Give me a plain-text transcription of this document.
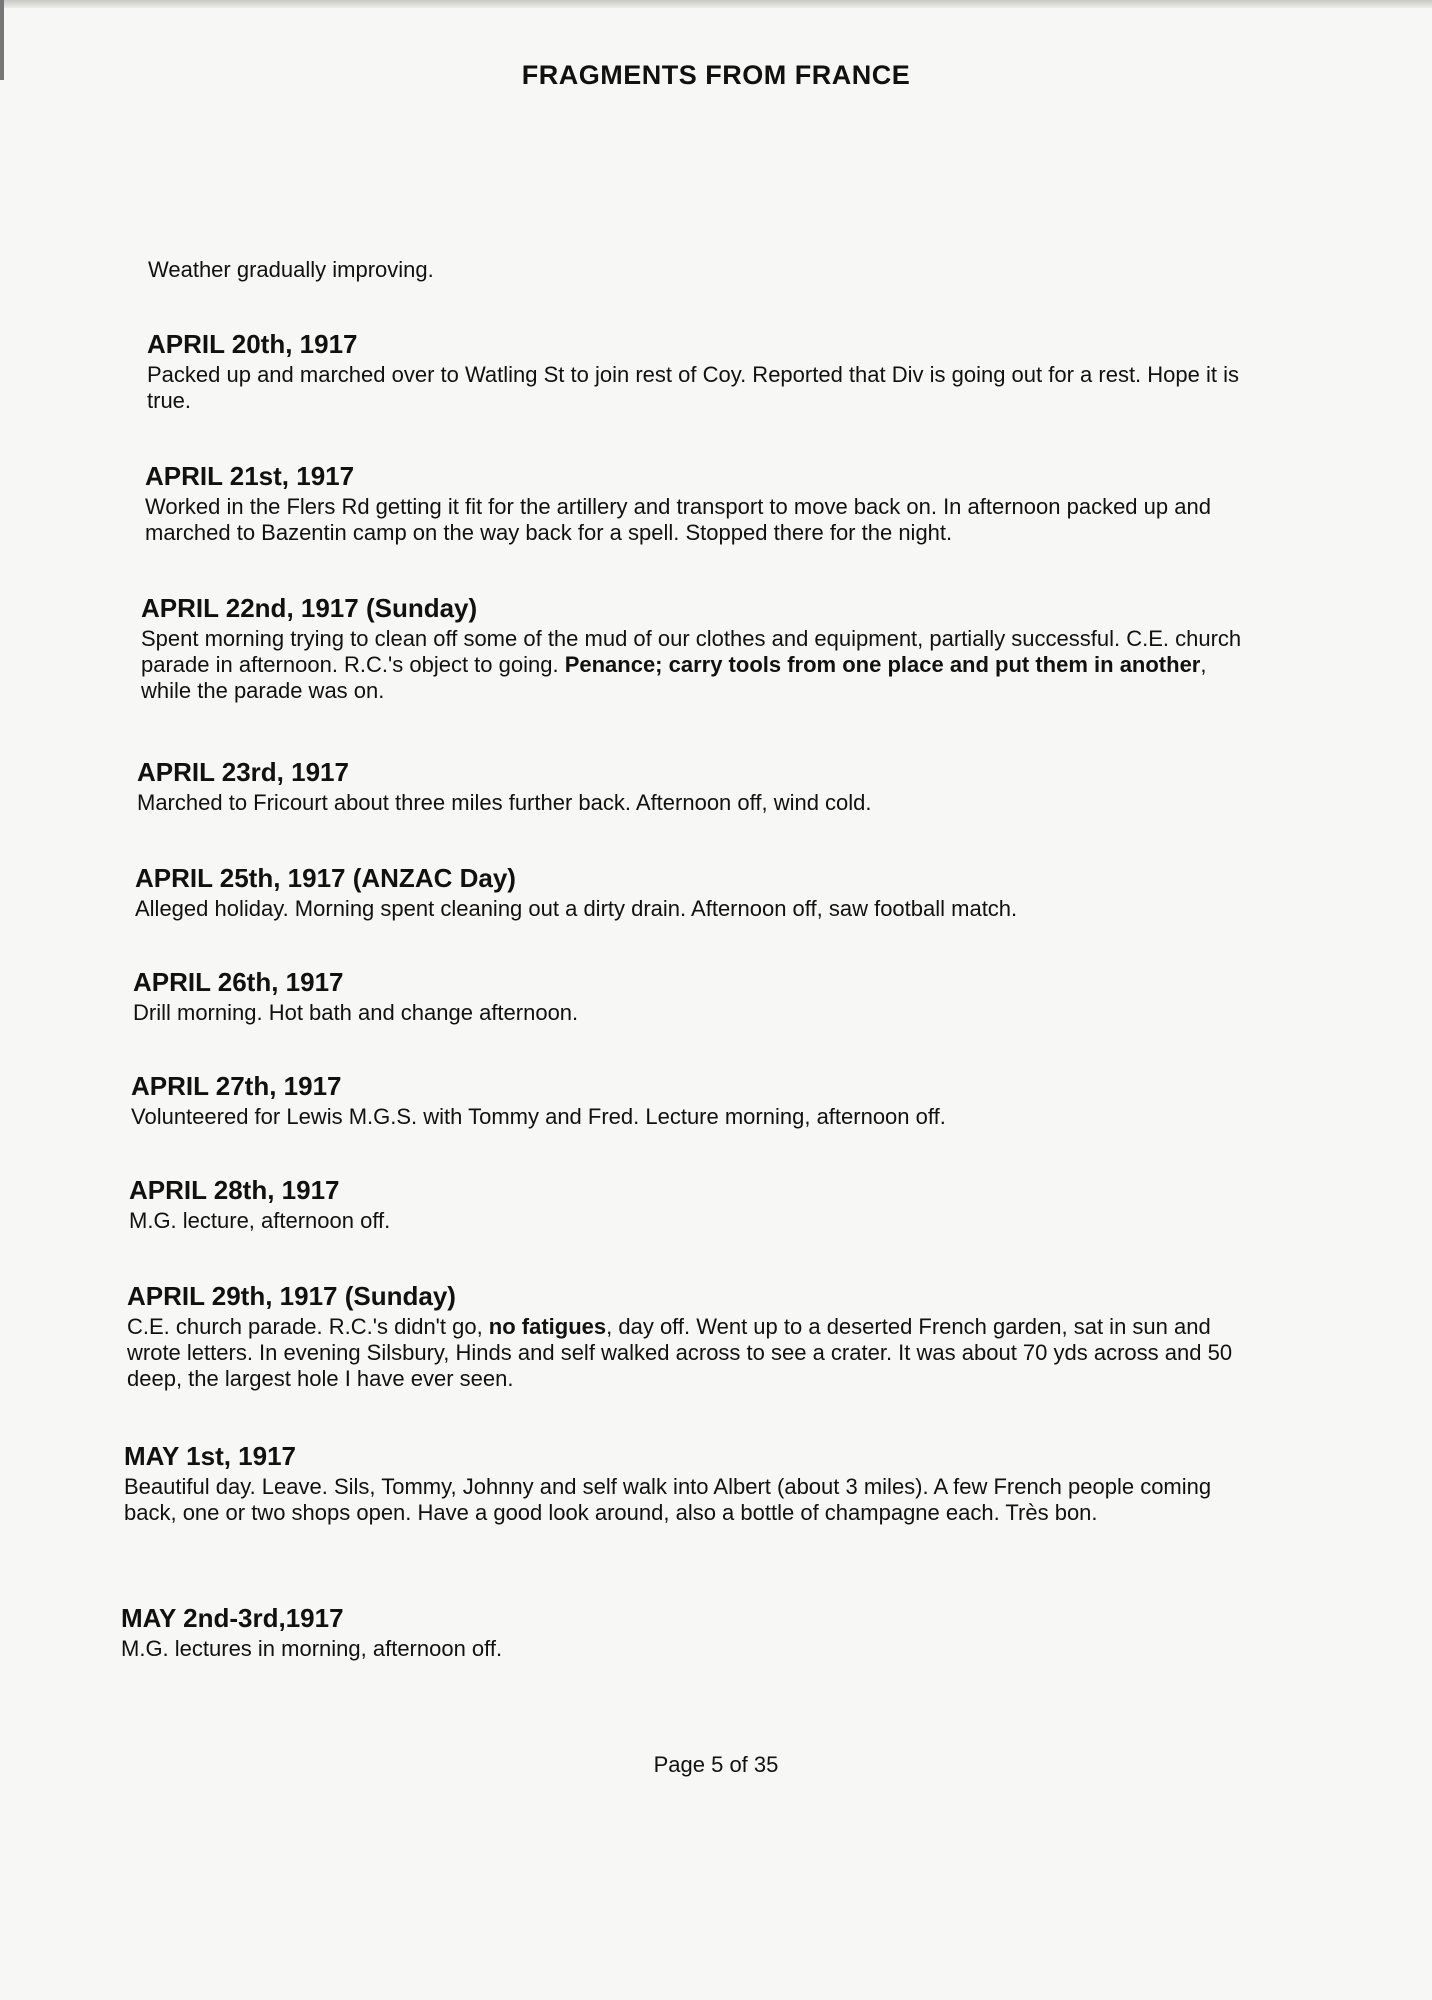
FRAGMENTS FROM FRANCE
Weather gradually improving.
APRIL 20th, 1917

Packed up and marched over to Watling St to join rest of Coy. Reported that Div is going out for a rest. Hope it is true.

APRIL 21st, 1917

Worked in the Flers Rd getting it fit for the artillery and transport to move back on. In afternoon packed up and marched to Bazentin camp on the way back for a spell. Stopped there for the night.

APRIL 22nd, 1917 (Sunday)

Spent morning trying to clean off some of the mud of our clothes and equipment, partially successful. C.E. church parade in afternoon. R.C.'s object to going. Penance; carry tools from one place and put them in another, while the parade was on.

APRIL 23rd, 1917

Marched to Fricourt about three miles further back. Afternoon off, wind cold.

APRIL 25th, 1917 (ANZAC Day)

Alleged holiday. Morning spent cleaning out a dirty drain. Afternoon off, saw football match.

APRIL 26th, 1917

Drill morning. Hot bath and change afternoon.

APRIL 27th, 1917

Volunteered for Lewis M.G.S. with Tommy and Fred. Lecture morning, afternoon off.

APRIL 28th, 1917

M.G. lecture, afternoon off.

APRIL 29th, 1917 (Sunday)

C.E. church parade. R.C.'s didn't go, no fatigues, day off. Went up to a deserted French garden, sat in sun and wrote letters. In evening Silsbury, Hinds and self walked across to see a crater. It was about 70 yds across and 50 deep, the largest hole I have ever seen.

MAY 1st, 1917

Beautiful day. Leave. Sils, Tommy, Johnny and self walk into Albert (about 3 miles). A few French people coming back, one or two shops open. Have a good look around, also a bottle of champagne each. Très bon.

MAY 2nd-3rd,1917

M.G. lectures in morning, afternoon off.

Page 5 of 35
